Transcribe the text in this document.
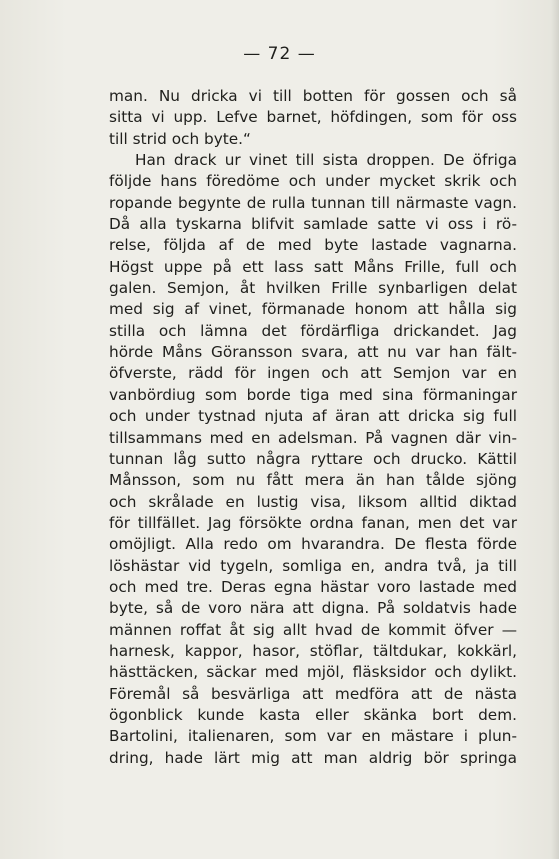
— 72 —
man. Nu dricka vi till botten för gossen och så
sitta vi upp. Lefve barnet, höfdingen, som för oss
till strid och byte.“
Han drack ur vinet till sista droppen. De öfriga
följde hans föredöme och under mycket skrik och
ropande begynte de rulla tunnan till närmaste vagn.
Då alla tyskarna blifvit samlade satte vi oss i rö-
relse, följda af de med byte lastade vagnarna.
Högst uppe på ett lass satt Måns Frille, full och
galen. Semjon, åt hvilken Frille synbarligen delat
med sig af vinet, förmanade honom att hålla sig
stilla och lämna det fördärfliga drickandet. Jag
hörde Måns Göransson svara, att nu var han fält-
öfverste, rädd för ingen och att Semjon var en
vanbördiug som borde tiga med sina förmaningar
och under tystnad njuta af äran att dricka sig full
tillsammans med en adelsman. På vagnen där vin-
tunnan låg sutto några ryttare och drucko. Kättil
Månsson, som nu fått mera än han tålde sjöng
och skrålade en lustig visa, liksom alltid diktad
för tillfället. Jag försökte ordna fanan, men det var
omöjligt. Alla redo om hvarandra. De flesta förde
löshästar vid tygeln, somliga en, andra två, ja till
och med tre. Deras egna hästar voro lastade med
byte, så de voro nära att digna. På soldatvis hade
männen roffat åt sig allt hvad de kommit öfver —
harnesk, kappor, hasor, stöflar, tältdukar, kokkärl,
hästtäcken, säckar med mjöl, fläsksidor och dylikt.
Föremål så besvärliga att medföra att de nästa
ögonblick kunde kasta eller skänka bort dem.
Bartolini, italienaren, som var en mästare i plun-
dring, hade lärt mig att man aldrig bör springa
